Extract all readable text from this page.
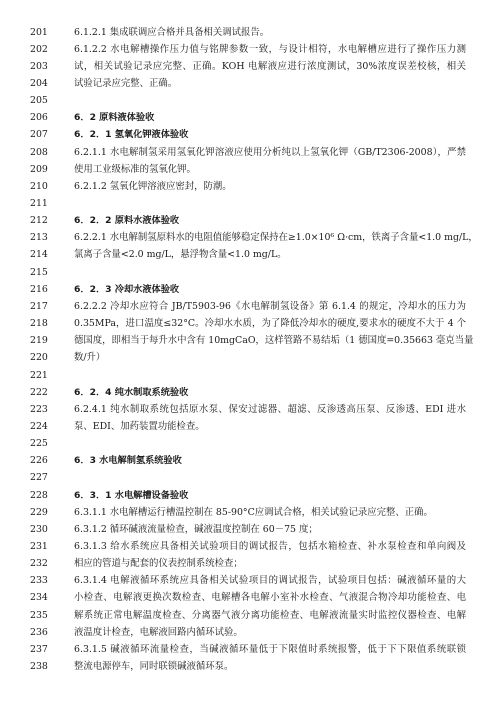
201	6.1.2.1 集成联调应合格并具备相关调试报告。
202	6.1.2.2 水电解槽操作压力值与铭牌参数一致，与设计相符，水电解槽应进行了操作压力测
203	试，相关试验记录应完整、正确。KOH 电解液应进行浓度测试，30%浓度误差校核，相关
204	试验记录应完整、正确。
205
206	6．2 原料液体验收
207	6．2．1 氢氧化钾液体验收
208	6.2.1.1 水电解制氢采用氢氧化钾溶液应使用分析纯以上氢氧化钾（GB/T2306-2008），严禁
209	使用工业级标准的氢氧化钾。
210	6.2.1.2 氢氧化钾溶液应密封，防潮。
211
212	6．2．2 原料水液体验收
213	6.2.2.1 水电解制氢原料水的电阻值能够稳定保持在≥1.0×10⁶ Ω·cm，铁离子含量<1.0 mg/L，
214	氯离子含量<2.0 mg/L，悬浮物含量<1.0 mg/L。
215
216	6．2．3 冷却水液体验收
217	6.2.2.2 冷却水应符合 JB/T5903-96《水电解制氢设备》第 6.1.4 的规定，冷却水的压力为
218	0.35MPa，进口温度≤32°C。冷却水水质，为了降低冷却水的硬度,要求水的硬度不大于 4 个
219	德国度，即相当于每升水中含有 10mgCaO，这样管路不易结垢（1 德国度=0.35663 毫克当量
220	数/升）
221
222	6．2．4 纯水制取系统验收
223	6.2.4.1 纯水制取系统包括原水泵、保安过滤器、超滤、反渗透高压泵、反渗透、EDI 进水
224	泵、EDI、加药装置功能检查。
225
226	6．3 水电解制氢系统验收
227
228	6．3．1 水电解槽设备验收
229	6.3.1.1 水电解槽运行槽温控制在 85-90°C应调试合格，相关试验记录应完整、正确。
230	6.3.1.2 循环碱液流量检查，碱液温度控制在 60－75 度；
231	6.3.1.3 给水系统应具备相关试验项目的调试报告，包括水箱检查、补水泵检查和单向阀及
232	相应的管道与配套的仪表控制系统检查；
233	6.3.1.4 电解液循环系统应具备相关试验项目的调试报告，试验项目包括：碱液循环量的大
234	小检查、电解液更换次数检查、电解槽各电解小室补水检查、气液混合物冷却功能检查、电
235	解系统正常电解温度检查、分离器气液分离功能检查、电解液流量实时监控仪器检查、电解
236	液温度计检查，电解液回路内循环试验。
237	6.3.1.5 碱液循环流量检查，当碱液循环量低于下限值时系统报警，低于下下限值系统联锁
238	整流电源停车，同时联锁碱液循环泵。
